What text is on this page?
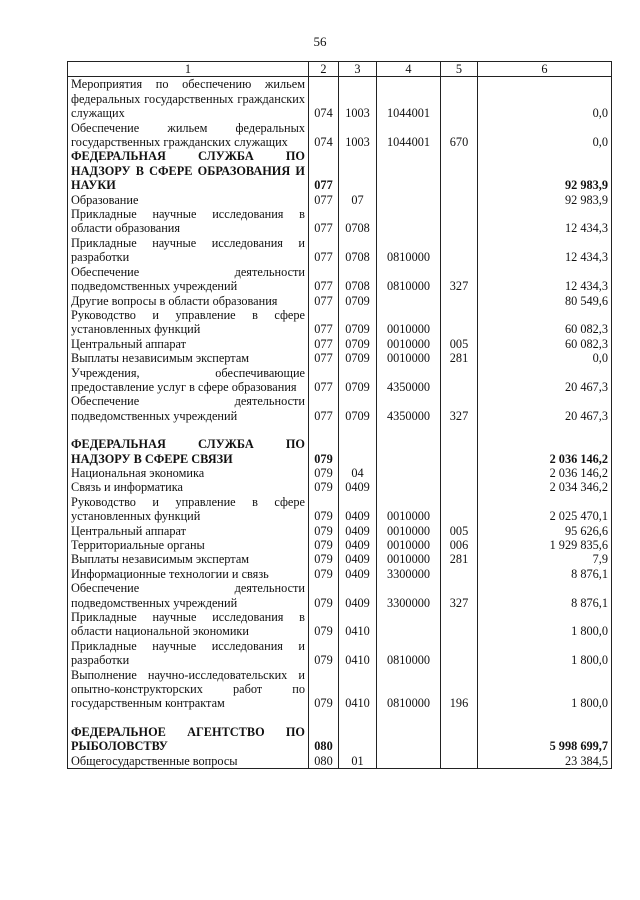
56
1	2	3	4	5	6
Мероприятия по обеспечению жильем федеральных государственных гражданских служащих	074	1003	1044001		0,0
Обеспечение жильем федеральных государственных гражданских служащих	074	1003	1044001	670	0,0
ФЕДЕРАЛЬНАЯ СЛУЖБА ПО НАДЗОРУ В СФЕРЕ ОБРАЗОВАНИЯ И НАУКИ	077				92 983,9
Образование	077	07			92 983,9
Прикладные научные исследования в области образования	077	0708			12 434,3
Прикладные научные исследования и разработки	077	0708	0810000		12 434,3
Обеспечение деятельности подведомственных учреждений	077	0708	0810000	327	12 434,3
Другие вопросы в области образования	077	0709			80 549,6
Руководство и управление в сфере установленных функций	077	0709	0010000		60 082,3
Центральный аппарат	077	0709	0010000	005	60 082,3
Выплаты независимым экспертам	077	0709	0010000	281	0,0
Учреждения, обеспечивающие предоставление услуг в сфере образования	077	0709	4350000		20 467,3
Обеспечение деятельности подведомственных учреждений	077	0709	4350000	327	20 467,3
ФЕДЕРАЛЬНАЯ СЛУЖБА ПО НАДЗОРУ В СФЕРЕ СВЯЗИ	079				2 036 146,2
Национальная экономика	079	04			2 036 146,2
Связь и информатика	079	0409			2 034 346,2
Руководство и управление в сфере установленных функций	079	0409	0010000		2 025 470,1
Центральный аппарат	079	0409	0010000	005	95 626,6
Территориальные органы	079	0409	0010000	006	1 929 835,6
Выплаты независимым экспертам	079	0409	0010000	281	7,9
Информационные технологии и связь	079	0409	3300000		8 876,1
Обеспечение деятельности подведомственных учреждений	079	0409	3300000	327	8 876,1
Прикладные научные исследования в области национальной экономики	079	0410			1 800,0
Прикладные научные исследования и разработки	079	0410	0810000		1 800,0
Выполнение научно-исследовательских и опытно-конструкторских работ по государственным контрактам	079	0410	0810000	196	1 800,0
ФЕДЕРАЛЬНОЕ АГЕНТСТВО ПО РЫБОЛОВСТВУ	080				5 998 699,7
Общегосударственные вопросы	080	01			23 384,5
